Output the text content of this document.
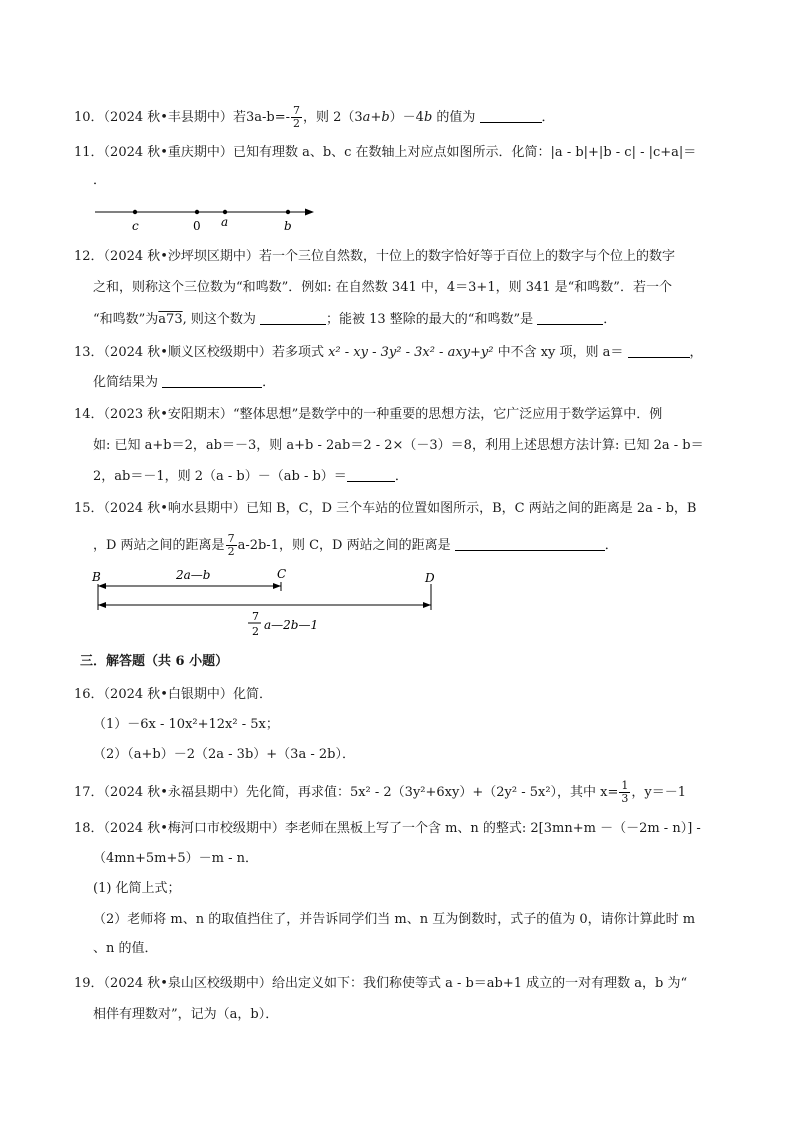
10．（2024 秋•丰县期中）若$3a-b=- \frac{7}{2}$ ，则 2（3a+b）－4b 的值为	．
11．（2024 秋•重庆期中）已知有理数 a、b、c 在数轴上对应点如图所示．化简：|a - b|+|b - c| - |c+a|＝
．
c	0 a	b
12．（2024 秋•沙坪坝区期中）若一个三位自然数，十位上的数字恰好等于百位上的数字与个位上的数字
之和，则称这个三位数为“和鸣数”．例如: 在自然数 341 中，4＝3+1，则 341 是“和鸣数”．若一个
“和鸣数”为a73, 则这个数为	；能被 13 整除的最大的“和鸣数”是	．
13．（2024 秋•顺义区校级期中）若多项式 x² - xy - 3y² - 3x² - axy+y² 中不含 xy 项，则 a＝	，
化简结果为	．
14．（2023 秋•安阳期末）“整体思想”是数学中的一种重要的思想方法，它广泛应用于数学运算中．例
如: 已知 a+b＝2，ab＝－3，则 a+b - 2ab＝2 - 2×（－3）＝8，利用上述思想方法计算: 已知 2a - b＝
2，ab＝－1，则 2（a - b）－（ab - b）＝	．
15．（2024 秋•响水县期中）已知 B，C，D 三个车站的位置如图所示，B，C 两站之间的距离是 2a - b，B
，D 两站之间的距离是 $\frac{7}{2} a-2b-1$，则 C，D 两站之间的距离是	．
B	C	D
2a—b
7
2 a—2b—1
三．解答题（共 6 小题）
16．（2024 秋•白银期中）化简．
（1）－6x - 10x²+12x² - 5x；
（2）（a+b）－2（2a - 3b）+（3a - 2b）．
17．（2024 秋•永福县期中）先化简，再求值：5x² - 2（3y²+6xy）+（2y² - 5x²），其中 $x= \frac{1}{3}$ ，y＝－1
18．（2024 秋•梅河口市校级期中）李老师在黑板上写了一个含 m、n 的整式: 2[3mn+m －（－2m - n）] -
（4mn+5m+5）－m - n．
(1) 化简上式；
（2）老师将 m、n 的取值挡住了，并告诉同学们当 m、n 互为倒数时，式子的值为 0，请你计算此时 m
、n 的值．
19．（2024 秋•泉山区校级期中）给出定义如下：我们称使等式 a - b＝ab+1 成立的一对有理数 a，b 为“
相伴有理数对”，记为（a，b）．
